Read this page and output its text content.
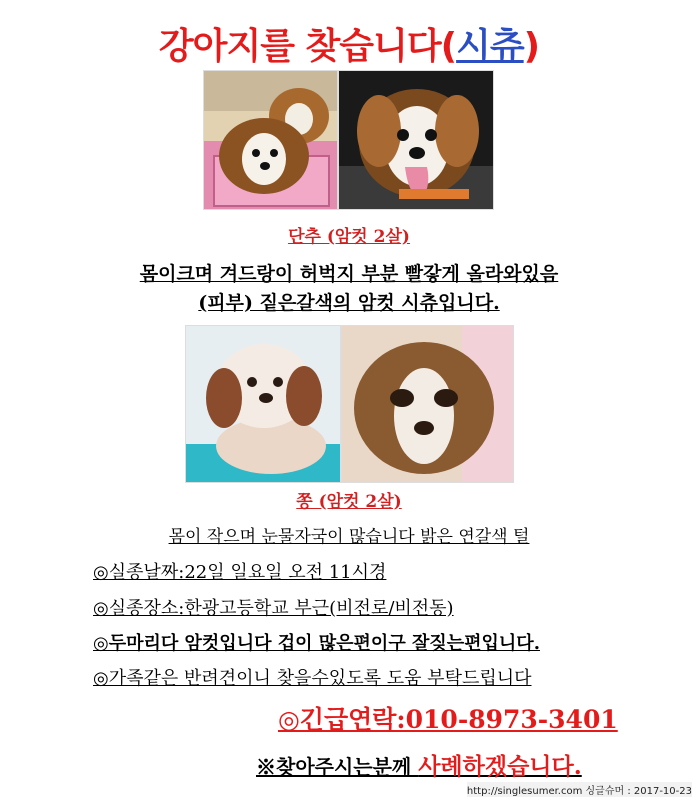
강아지를 찾습니다(시츄)
단추 (암컷 2살)
몸이크며 겨드랑이 허벅지 부분 빨갛게 올라와있음
(피부) 짙은갈색의 암컷 시츄입니다.
쫑 (암컷 2살)
몸이 작으며 눈물자국이 많습니다 밝은 연갈색 털
◎실종날짜:22일 일요일 오전 11시경
◎실종장소:한광고등학교 부근(비전로/비전동)
◎두마리다 암컷입니다 겁이 많은편이구 잘짖는편입니다.
◎가족같은 반려견이니 찾을수있도록 도움 부탁드립니다
◎긴급연락:010-8973-3401
※찾아주시는분께 사례하겠습니다.
http://singlesumer.com 싱글슈머 : 2017-10-23
